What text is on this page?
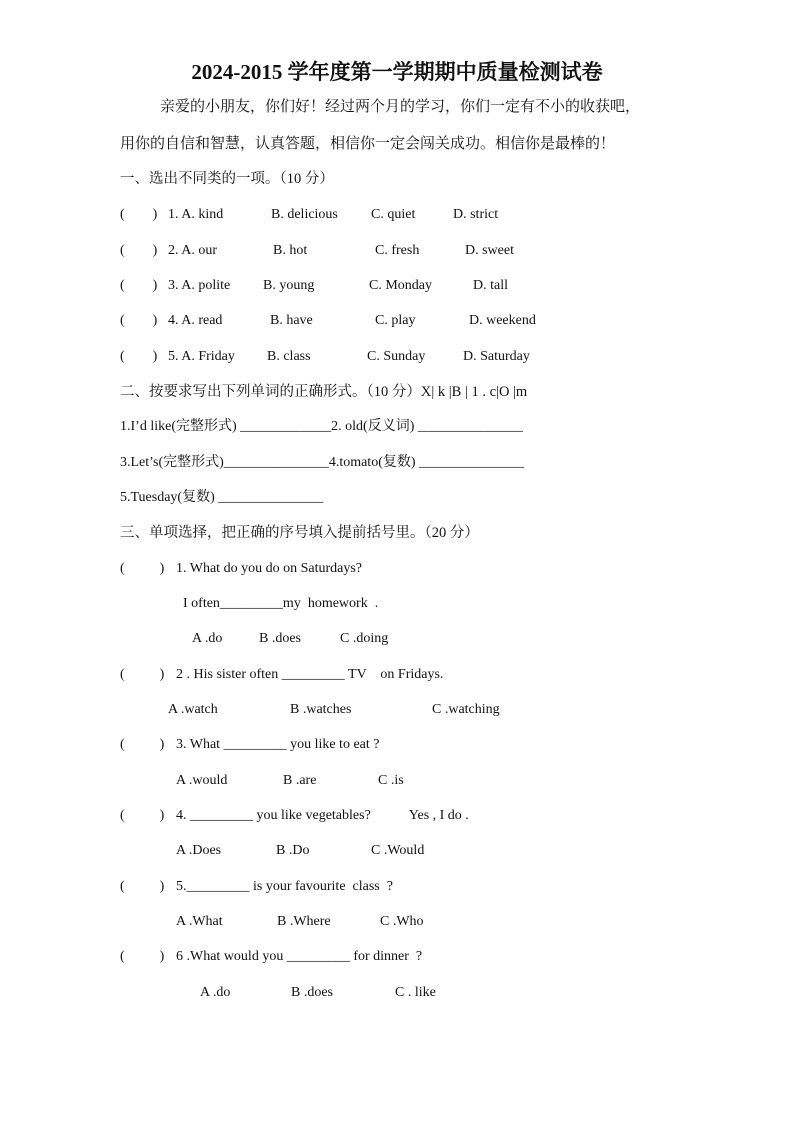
2024-2015 学年度第一学期期中质量检测试卷
亲爱的小朋友，你们好！经过两个月的学习，你们一定有不小的收获吧，
用你的自信和智慧，认真答题，相信你一定会闯关成功。相信你是最棒的！
一、选出不同类的一项。（10 分）
(        ) 1. A. kind	B. delicious C. quiet	D. strict
(        ) 2. A. our	B. hot	C. fresh	D. sweet
(        ) 3. A. polite B. young	C. Monday	D. tall
(        ) 4. A. read	B. have	C. play	D. weekend
(        ) 5. A. Friday B. class	C. Sunday	D. Saturday
二、按要求写出下列单词的正确形式。（10 分）X| k |B | 1 . c|O |m
1.I’d like(完整形式) _____________2. old(反义词) _______________
3.Let’s(完整形式)_______________4.tomato(复数) _______________
5.Tuesday(复数) _______________
三、单项选择，把正确的序号填入提前括号里。（20 分）
(          ) 1. What do you do on Saturdays?
I often_________my  homework  .
A .do	B .does	C .doing
(          ) 2 . His sister often _________ TV    on Fridays.
A .watch	B .watches	C .watching
(          ) 3. What _________ you like to eat ?
A .would	B .are	C .is
(          ) 4. _________ you like vegetables?           Yes , I do .
A .Does	B .Do	C .Would
(          ) 5._________ is your favourite  class  ?
A .What	B .Where	C .Who
(          ) 6 .What would you _________ for dinner  ?
A .do	B .does	C . like
